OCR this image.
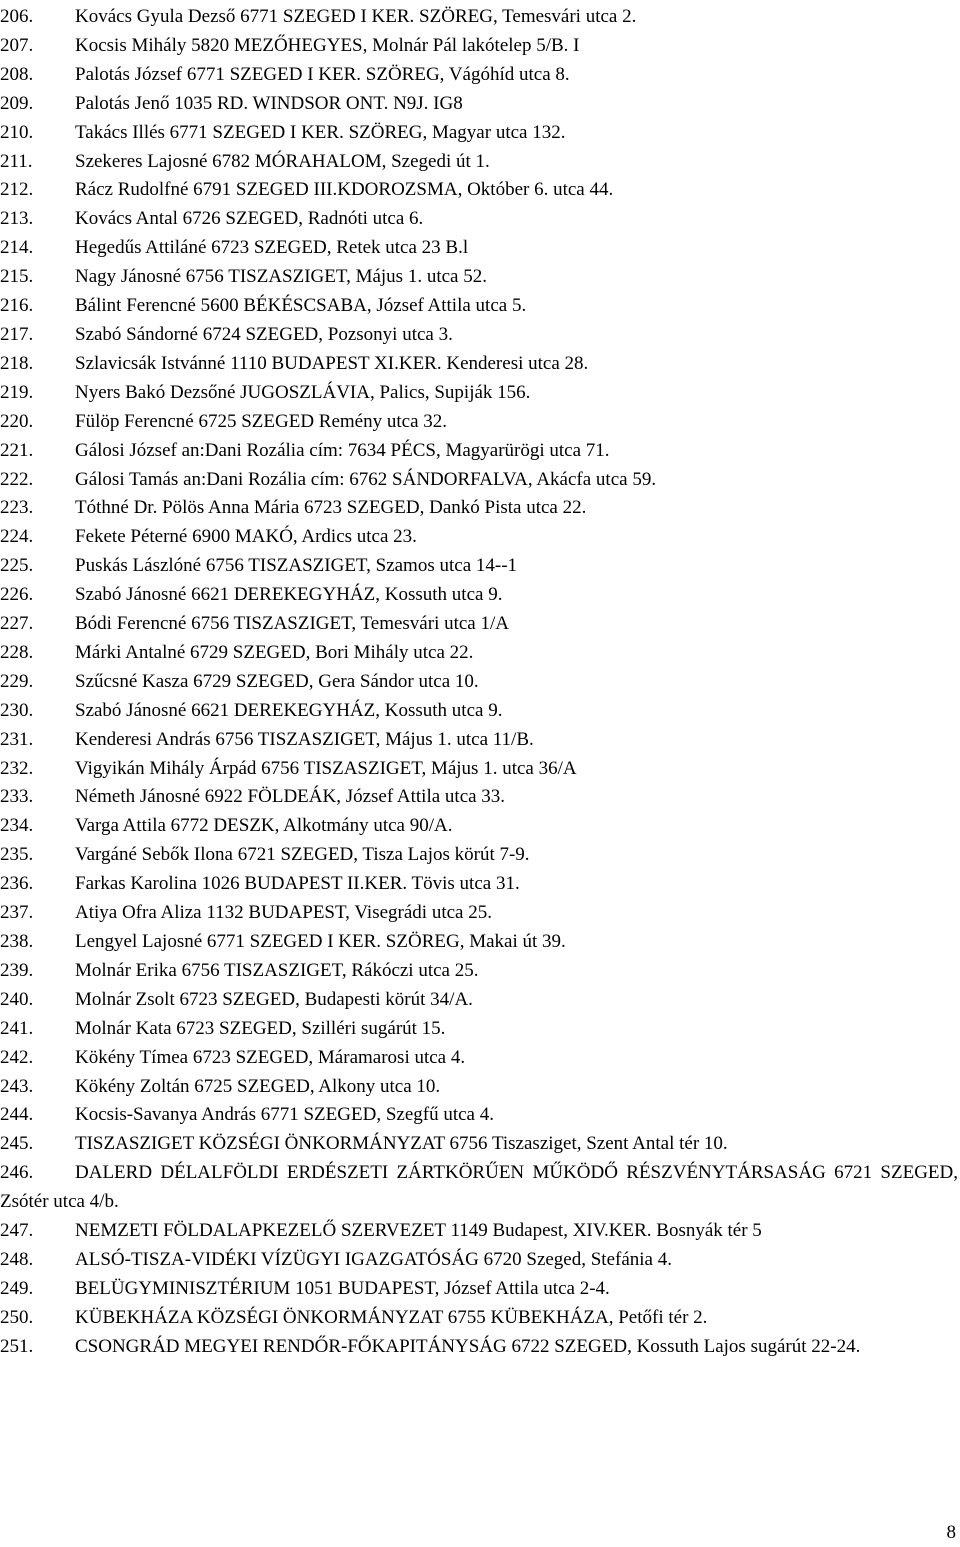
206. Kovács Gyula Dezső 6771 SZEGED I KER. SZÖREG, Temesvári utca 2.

207. Kocsis Mihály 5820 MEZŐHEGYES, Molnár Pál lakótelep 5/B. I

208. Palotás József 6771 SZEGED I KER. SZÖREG, Vágóhíd utca 8.

209. Palotás Jenő 1035 RD. WINDSOR ONT. N9J. IG8

210. Takács Illés 6771 SZEGED I KER. SZÖREG, Magyar utca 132.

211. Szekeres Lajosné 6782 MÓRAHALOM, Szegedi út 1.

212. Rácz Rudolfné 6791 SZEGED III.KDOROZSMA, Október 6. utca 44.

213. Kovács Antal 6726 SZEGED, Radnóti utca 6.

214. Hegedűs Attiláné 6723 SZEGED, Retek utca 23 B.l

215. Nagy Jánosné 6756 TISZASZIGET, Május 1. utca 52.

216. Bálint Ferencné 5600 BÉKÉSCSABA, József Attila utca 5.

217. Szabó Sándorné 6724 SZEGED, Pozsonyi utca 3.

218. Szlavicsák Istvánné 1110 BUDAPEST XI.KER. Kenderesi utca 28.

219. Nyers Bakó Dezsőné JUGOSZLÁVIA, Palics, Supiják 156.

220. Fülöp Ferencné 6725 SZEGED Remény utca 32.

221. Gálosi József an:Dani Rozália cím: 7634 PÉCS, Magyarürögi utca 71.

222. Gálosi Tamás an:Dani Rozália cím: 6762 SÁNDORFALVA, Akácfa utca 59.

223. Tóthné Dr. Pölös Anna Mária 6723 SZEGED, Dankó Pista utca 22.

224. Fekete Péterné 6900 MAKÓ, Ardics utca 23.

225. Puskás Lászlóné 6756 TISZASZIGET, Szamos utca 14--1

226. Szabó Jánosné 6621 DEREKEGYHÁZ, Kossuth utca 9.

227. Bódi Ferencné 6756 TISZASZIGET, Temesvári utca 1/A

228. Márki Antalné 6729 SZEGED, Bori Mihály utca 22.

229. Szűcsné Kasza 6729 SZEGED, Gera Sándor utca 10.

230. Szabó Jánosné 6621 DEREKEGYHÁZ, Kossuth utca 9.

231. Kenderesi András 6756 TISZASZIGET, Május 1. utca 11/B.

232. Vigyikán Mihály Árpád 6756 TISZASZIGET, Május 1. utca 36/A

233. Németh Jánosné 6922 FÖLDEÁK, József Attila utca 33.

234. Varga Attila 6772 DESZK, Alkotmány utca 90/A.

235. Vargáné Sebők Ilona 6721 SZEGED, Tisza Lajos körút 7-9.

236. Farkas Karolina 1026 BUDAPEST II.KER. Tövis utca 31.

237. Atiya Ofra Aliza 1132 BUDAPEST, Visegrádi utca 25.

238. Lengyel Lajosné 6771 SZEGED I KER. SZÖREG, Makai út 39.

239. Molnár Erika 6756 TISZASZIGET, Rákóczi utca 25.

240. Molnár Zsolt 6723 SZEGED, Budapesti körút 34/A.

241. Molnár Kata 6723 SZEGED, Szilléri sugárút 15.

242. Kökény Tímea 6723 SZEGED, Máramarosi utca 4.

243. Kökény Zoltán 6725 SZEGED, Alkony utca 10.

244. Kocsis-Savanya András 6771 SZEGED, Szegfű utca 4.

245. TISZASZIGET KÖZSÉGI ÖNKORMÁNYZAT 6756 Tiszasziget, Szent Antal tér 10.

246. DALERD DÉLALFÖLDI ERDÉSZETI ZÁRTKÖRŰEN MŰKÖDŐ RÉSZVÉNYTÁRSASÁG 6721 SZEGED, Zsótér utca 4/b.

247. NEMZETI FÖLDALAPKEZELŐ SZERVEZET 1149 Budapest, XIV.KER. Bosnyák tér 5

248. ALSÓ-TISZA-VIDÉKI VÍZÜGYI IGAZGATÓSÁG 6720 Szeged, Stefánia 4.

249. BELÜGYMINISZTÉRIUM 1051 BUDAPEST, József Attila utca 2-4.

250. KÜBEKHÁZA KÖZSÉGI ÖNKORMÁNYZAT 6755 KÜBEKHÁZA, Petőfi tér 2.

251. CSONGRÁD MEGYEI RENDŐR-FŐKAPITÁNYSÁG 6722 SZEGED, Kossuth Lajos sugárút 22-24.

8
